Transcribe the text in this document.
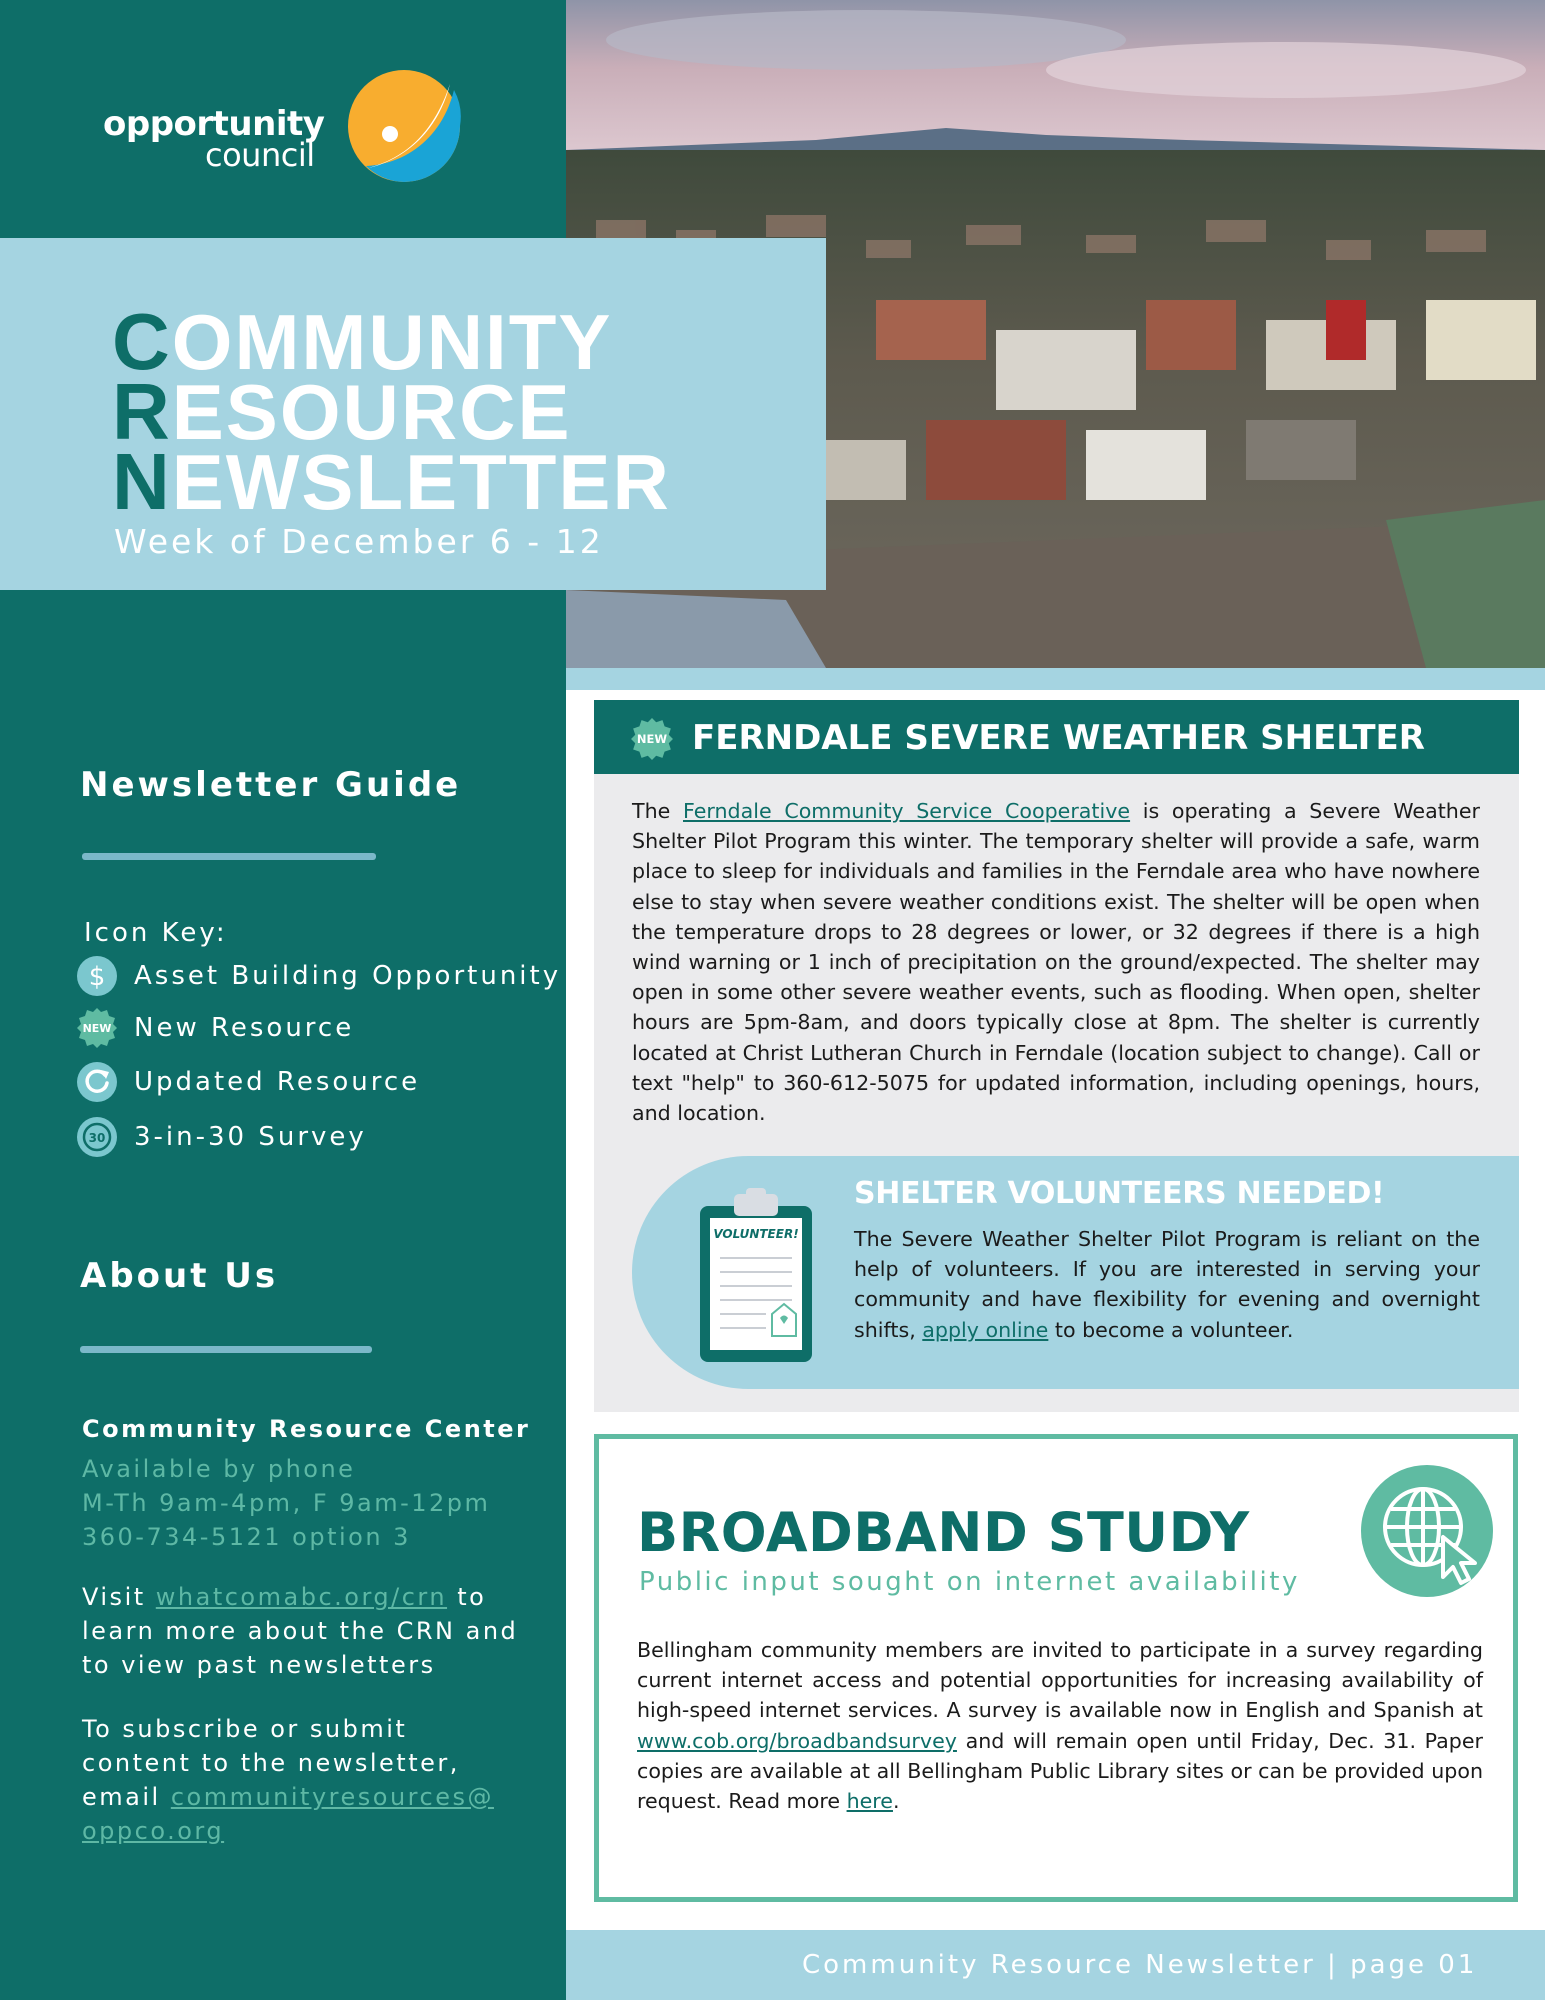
opportunity
council
Newsletter Guide
Icon Key:
$ Asset Building Opportunity
NEW New Resource
Updated Resource
30 3-in-30 Survey
About Us
Community Resource Center
Available by phone
M-Th 9am-4pm, F 9am-12pm
360-734-5121 option 3
Visit whatcomabc.org/crn to learn more about the CRN and to view past newsletters
To subscribe or submit content to the newsletter, email communityresources@ oppco.org
COMMUNITY
RESOURCE
NEWSLETTER
Week of December 6 - 12
NEW FERNDALE SEVERE WEATHER SHELTER
The Ferndale Community Service Cooperative is operating a Severe Weather Shelter Pilot Program this winter. The temporary shelter will provide a safe, warm place to sleep for individuals and families in the Ferndale area who have nowhere else to stay when severe weather conditions exist. The shelter will be open when the temperature drops to 28 degrees or lower, or 32 degrees if there is a high wind warning or 1 inch of precipitation on the ground/expected. The shelter may open in some other severe weather events, such as flooding. When open, shelter hours are 5pm-8am, and doors typically close at 8pm. The shelter is currently located at Christ Lutheran Church in Ferndale (location subject to change). Call or text "help" to 360-612-5075 for updated information, including openings, hours, and location.
VOLUNTEER!
SHELTER VOLUNTEERS NEEDED!
The Severe Weather Shelter Pilot Program is reliant on the help of volunteers. If you are interested in serving your community and have flexibility for evening and overnight shifts, apply online to become a volunteer.
BROADBAND STUDY
Public input sought on internet availability
Bellingham community members are invited to participate in a survey regarding current internet access and potential opportunities for increasing availability of high-speed internet services. A survey is available now in English and Spanish at www.cob.org/broadbandsurvey and will remain open until Friday, Dec. 31. Paper copies are available at all Bellingham Public Library sites or can be provided upon request. Read more here.
Community Resource Newsletter | page 01
